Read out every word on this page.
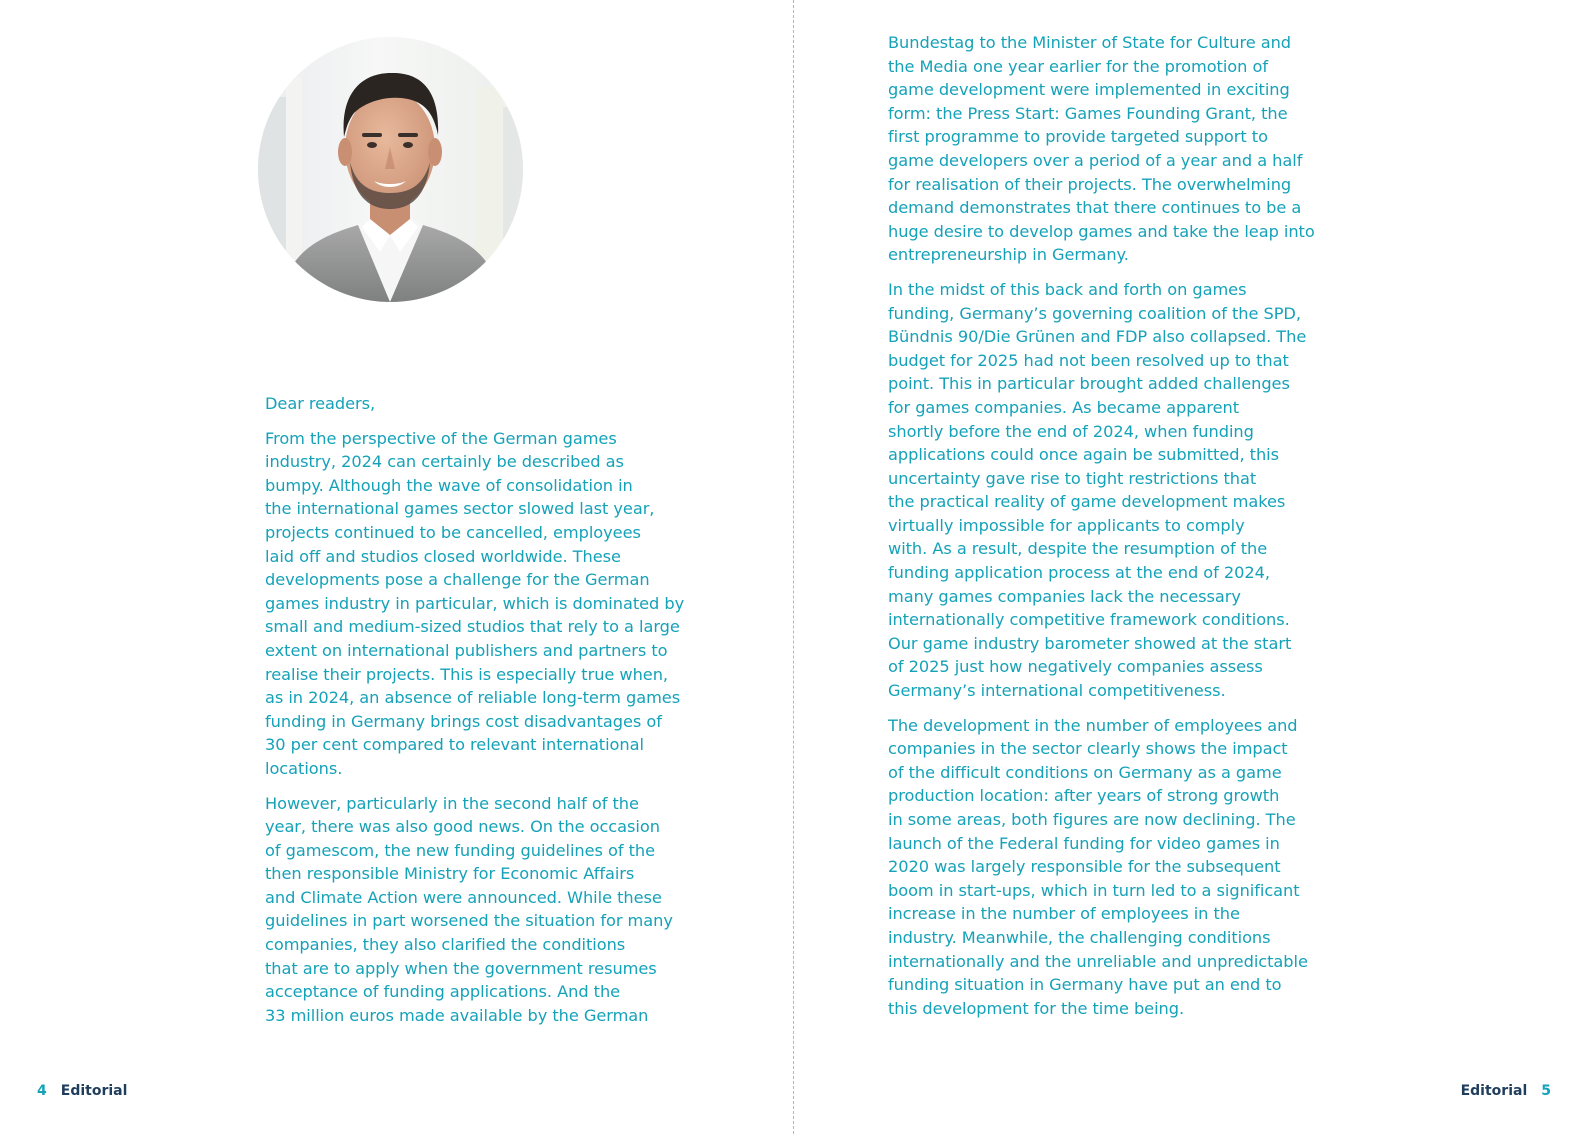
Dear readers,

From the perspective of the German games
industry, 2024 can certainly be described as
bumpy. Although the wave of consolidation in
the international games sector slowed last year,
projects continued to be cancelled, employees
laid off and studios closed worldwide. These
developments pose a challenge for the German
games industry in particular, which is dominated by
small and medium-sized studios that rely to a large
extent on international publishers and partners to
realise their projects. This is especially true when,
as in 2024, an absence of reliable long-term games
funding in Germany brings cost disadvantages of
30 per cent compared to relevant international
locations.

However, particularly in the second half of the
year, there was also good news. On the occasion
of gamescom, the new funding guidelines of the
then responsible Ministry for Economic Affairs
and Climate Action were announced. While these
guidelines in part worsened the situation for many
companies, they also clarified the conditions
that are to apply when the government resumes
acceptance of funding applications. And the
33 million euros made available by the German

Bundestag to the Minister of State for Culture and
the Media one year earlier for the promotion of
game development were implemented in exciting
form: the Press Start: Games Founding Grant, the
first programme to provide targeted support to
game developers over a period of a year and a half
for realisation of their projects. The overwhelming
demand demonstrates that there continues to be a
huge desire to develop games and take the leap into
entrepreneurship in Germany.

In the midst of this back and forth on games
funding, Germany’s governing coalition of the SPD,
Bündnis 90/Die Grünen and FDP also collapsed. The
budget for 2025 had not been resolved up to that
point. This in particular brought added challenges
for games companies. As became apparent
shortly before the end of 2024, when funding
applications could once again be submitted, this
uncertainty gave rise to tight restrictions that
the practical reality of game development makes
virtually impossible for applicants to comply
with. As a result, despite the resumption of the
funding application process at the end of 2024,
many games companies lack the necessary
internationally competitive framework conditions.
Our game industry barometer showed at the start
of 2025 just how negatively companies assess
Germany’s international competitiveness.

The development in the number of employees and
companies in the sector clearly shows the impact
of the difficult conditions on Germany as a game
production location: after years of strong growth
in some areas, both figures are now declining. The
launch of the Federal funding for video games in
2020 was largely responsible for the subsequent
boom in start-ups, which in turn led to a significant
increase in the number of employees in the
industry. Meanwhile, the challenging conditions
internationally and the unreliable and unpredictable
funding situation in Germany have put an end to
this development for the time being.

4 Editorial	Editorial 5
